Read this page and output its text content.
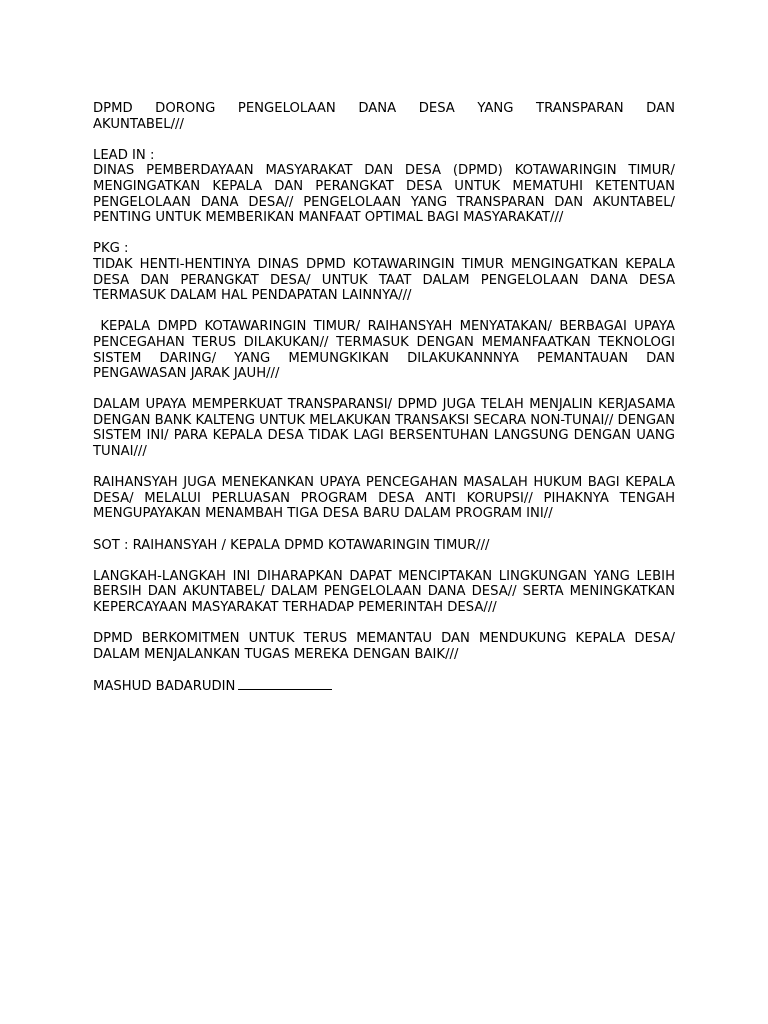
DPMD DORONG PENGELOLAAN DANA DESA YANG TRANSPARAN DAN
AKUNTABEL///

LEAD IN :
DINAS PEMBERDAYAAN MASYARAKAT DAN DESA (DPMD) KOTAWARINGIN TIMUR/ MENGINGATKAN KEPALA DAN PERANGKAT DESA UNTUK MEMATUHI KETENTUAN PENGELOLAAN DANA DESA// PENGELOLAAN YANG TRANSPARAN DAN AKUNTABEL/ PENTING UNTUK MEMBERIKAN MANFAAT OPTIMAL BAGI MASYARAKAT///

PKG :
TIDAK HENTI-HENTINYA DINAS DPMD KOTAWARINGIN TIMUR MENGINGATKAN KEPALA DESA DAN PERANGKAT DESA/ UNTUK TAAT DALAM PENGELOLAAN DANA DESA TERMASUK DALAM HAL PENDAPATAN LAINNYA///

KEPALA DMPD KOTAWARINGIN TIMUR/ RAIHANSYAH MENYATAKAN/ BERBAGAI UPAYA PENCEGAHAN TERUS DILAKUKAN// TERMASUK DENGAN MEMANFAATKAN TEKNOLOGI SISTEM DARING/ YANG MEMUNGKIKAN DILAKUKANNNYA PEMANTAUAN DAN PENGAWASAN JARAK JAUH///

DALAM UPAYA MEMPERKUAT TRANSPARANSI/ DPMD JUGA TELAH MENJALIN KERJASAMA DENGAN BANK KALTENG UNTUK MELAKUKAN TRANSAKSI SECARA NON-TUNAI// DENGAN SISTEM INI/ PARA KEPALA DESA TIDAK LAGI BERSENTUHAN LANGSUNG DENGAN UANG TUNAI///

RAIHANSYAH JUGA MENEKANKAN UPAYA PENCEGAHAN MASALAH HUKUM BAGI KEPALA DESA/ MELALUI PERLUASAN PROGRAM DESA ANTI KORUPSI// PIHAKNYA TENGAH MENGUPAYAKAN MENAMBAH TIGA DESA BARU DALAM PROGRAM INI//

SOT : RAIHANSYAH / KEPALA DPMD KOTAWARINGIN TIMUR///

LANGKAH-LANGKAH INI DIHARAPKAN DAPAT MENCIPTAKAN LINGKUNGAN YANG LEBIH BERSIH DAN AKUNTABEL/ DALAM PENGELOLAAN DANA DESA// SERTA MENINGKATKAN KEPERCAYAAN MASYARAKAT TERHADAP PEMERINTAH DESA///

DPMD BERKOMITMEN UNTUK TERUS MEMANTAU DAN MENDUKUNG KEPALA DESA/ DALAM MENJALANKAN TUGAS MEREKA DENGAN BAIK///

MASHUD BADARUDIN
